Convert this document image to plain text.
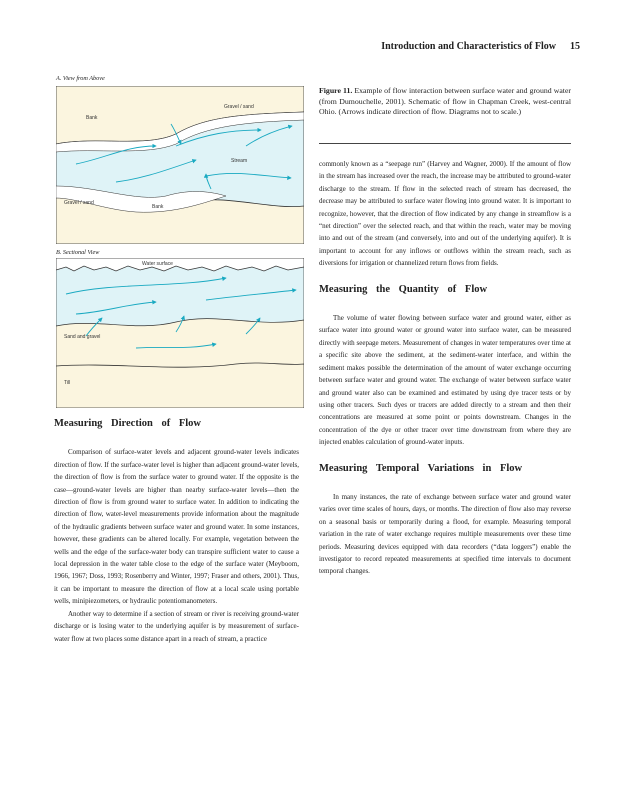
Introduction and Characteristics of Flow 15
A. View from Above
Bank
Gravel / sand
Stream
Gravel / sand
Bank
B. Sectional View
Water surface
Sand and gravel
Till
Figure 11. Example of flow interaction between surface water and ground water (from Dumouchelle, 2001). Schematic of flow in Chapman Creek, west-central Ohio. (Arrows indicate direction of flow. Diagrams not to scale.)
Measuring Direction of Flow

Comparison of surface-water levels and adjacent ground-water levels indicates direction of flow. If the surface-water level is higher than adjacent ground-water levels, the direction of flow is from the surface water to ground water. If the opposite is the case—ground-water levels are higher than nearby surface-water levels—then the direction of flow is from ground water to surface water. In addition to indicating the direction of flow, water-level measurements provide information about the magnitude of the hydraulic gradients between surface water and ground water. In some instances, however, these gradients can be altered locally. For example, vegetation between the wells and the edge of the surface-water body can transpire sufficient water to cause a local depression in the water table close to the edge of the surface water (Meyboom, 1966, 1967; Doss, 1993; Rosenberry and Winter, 1997; Fraser and others, 2001). Thus, it can be important to measure the direction of flow at a local scale using portable wells, minipiezometers, or hydraulic potentiomanometers.

Another way to determine if a section of stream or river is receiving ground-water discharge or is losing water to the underlying aquifer is by measurement of surface-water flow at two places some distance apart in a reach of stream, a practice

commonly known as a “seepage run” (Harvey and Wagner, 2000). If the amount of flow in the stream has increased over the reach, the increase may be attributed to ground-water discharge to the stream. If flow in the selected reach of stream has decreased, the decrease may be attributed to surface water flowing into ground water. It is important to recognize, however, that the direction of flow indicated by any change in streamflow is a “net direction” over the selected reach, and that within the reach, water may be moving into and out of the stream (and conversely, into and out of the underlying aquifer). It is important to account for any inflows or outflows within the stream reach, such as diversions for irrigation or channelized return flows from fields.

Measuring the Quantity of Flow

The volume of water flowing between surface water and ground water, either as surface water into ground water or ground water into surface water, can be measured directly with seepage meters. Measurement of changes in water temperatures over time at a specific site above the sediment, at the sediment-water interface, and within the sediment makes possible the determination of the amount of water exchange occurring between surface water and ground water. The exchange of water between surface water and ground water also can be examined and estimated by using dye tracer tests or by using other tracers. Such dyes or tracers are added directly to a stream and then their concentrations are measured at some point or points downstream. Changes in the concentration of the dye or other tracer over time downstream from where they are injected enables calculation of ground-water inputs.

Measuring Temporal Variations in Flow

In many instances, the rate of exchange between surface water and ground water varies over time scales of hours, days, or months. The direction of flow also may reverse on a seasonal basis or temporarily during a flood, for example. Measuring temporal variation in the rate of water exchange requires multiple measurements over these time periods. Measuring devices equipped with data recorders (“data loggers”) enable the investigator to record repeated measurements at specified time intervals to document temporal changes.
